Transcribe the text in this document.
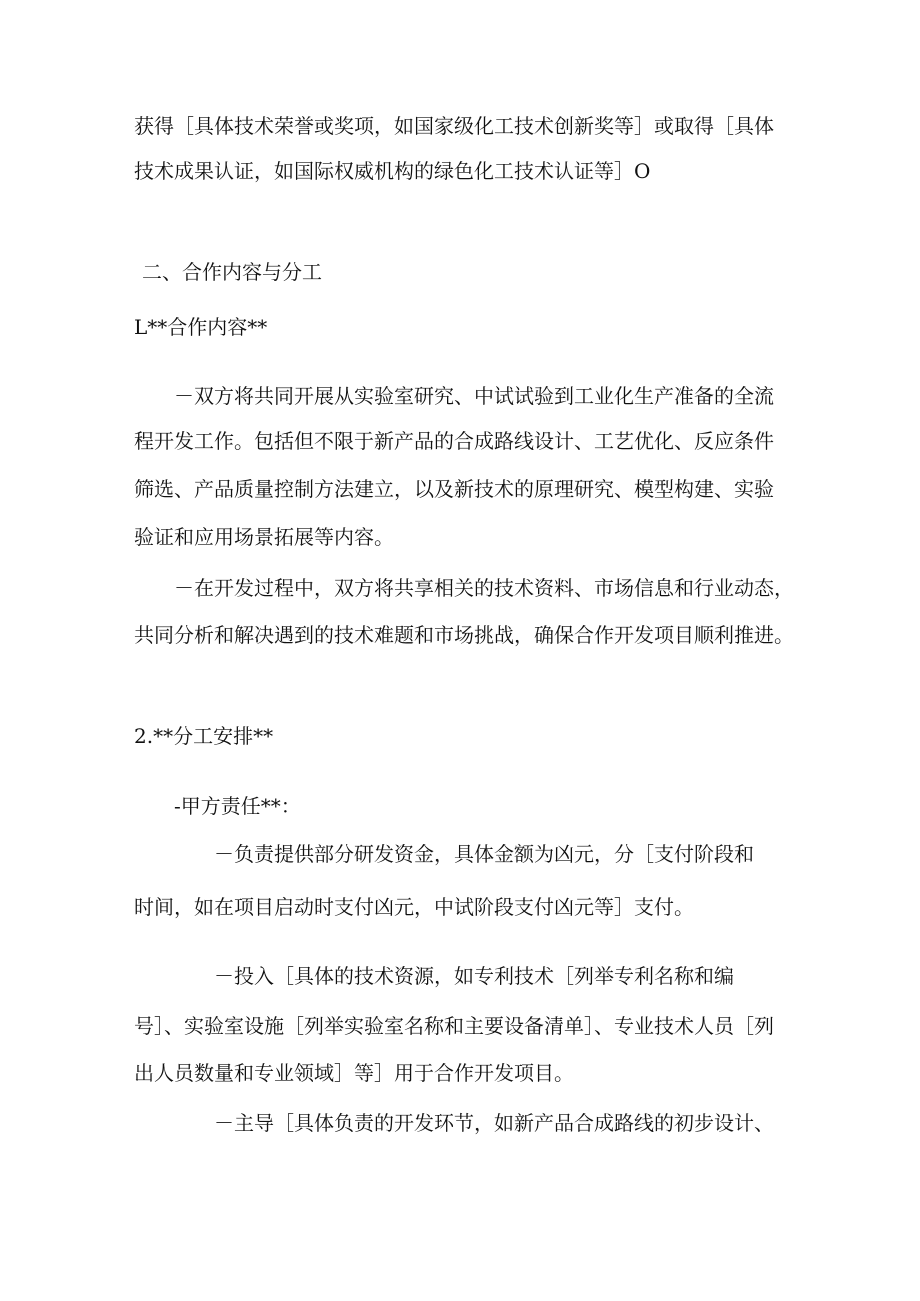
获得［具体技术荣誉或奖项，如国家级化工技术创新奖等］或取得［具体

技术成果认证，如国际权威机构的绿色化工技术认证等］O

二、合作内容与分工

L**合作内容**

－双方将共同开展从实验室研究、中试试验到工业化生产准备的全流

程开发工作。包括但不限于新产品的合成路线设计、工艺优化、反应条件

筛选、产品质量控制方法建立，以及新技术的原理研究、模型构建、实验

验证和应用场景拓展等内容。

－在开发过程中，双方将共享相关的技术资料、市场信息和行业动态，

共同分析和解决遇到的技术难题和市场挑战，确保合作开发项目顺利推进。

2.**分工安排**

-甲方责任**：

－负责提供部分研发资金，具体金额为凶元，分［支付阶段和

时间，如在项目启动时支付凶元，中试阶段支付凶元等］支付。

－投入［具体的技术资源，如专利技术［列举专利名称和编

号］、实验室设施［列举实验室名称和主要设备清单］、专业技术人员［列

出人员数量和专业领域］等］用于合作开发项目。

－主导［具体负责的开发环节，如新产品合成路线的初步设计、
